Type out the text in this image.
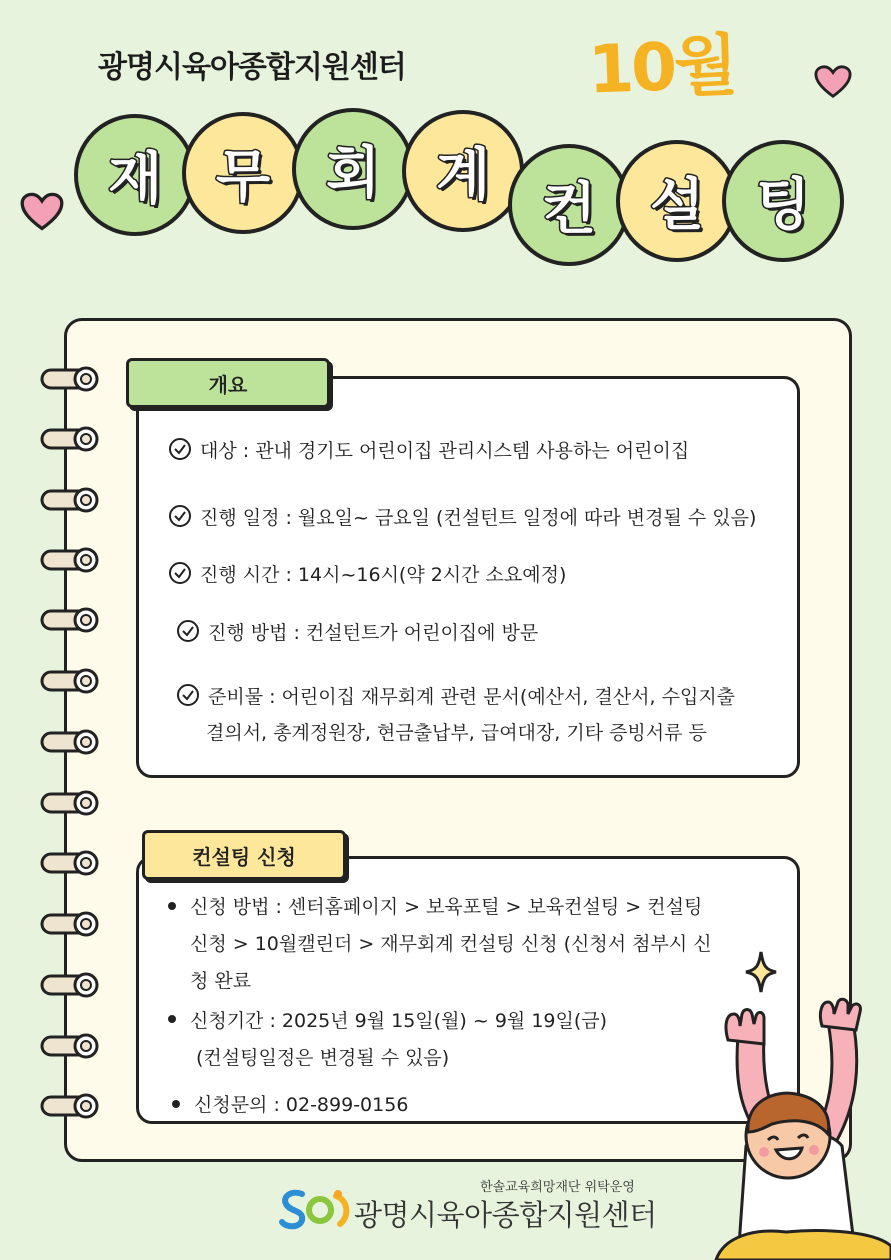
광명시육아종합지원센터	10월
재 무 회 계
컨 설 팅
개요
대상 : 관내 경기도 어린이집 관리시스템 사용하는 어린이집
진행 일정 : 월요일~ 금요일 (컨설턴트 일정에 따라 변경될 수 있음)
진행 시간 : 14시~16시(약 2시간 소요예정)
진행 방법 : 컨설턴트가 어린이집에 방문
준비물 : 어린이집 재무회계 관련 문서(예산서, 결산서, 수입지출
결의서, 총계정원장, 현금출납부, 급여대장, 기타 증빙서류 등
컨설팅 신청
신청 방법 : 센터홈페이지 > 보육포털 > 보육컨설팅 > 컨설팅
신청 > 10월캘린더 > 재무회계 컨설팅 신청 (신청서 첨부시 신
청 완료
신청기간 : 2025년 9월 15일(월) ~ 9월 19일(금)
(컨설팅일정은 변경될 수 있음)
신청문의 : 02-899-0156
한솔교육희망재단 위탁운영
광명시육아종합지원센터
